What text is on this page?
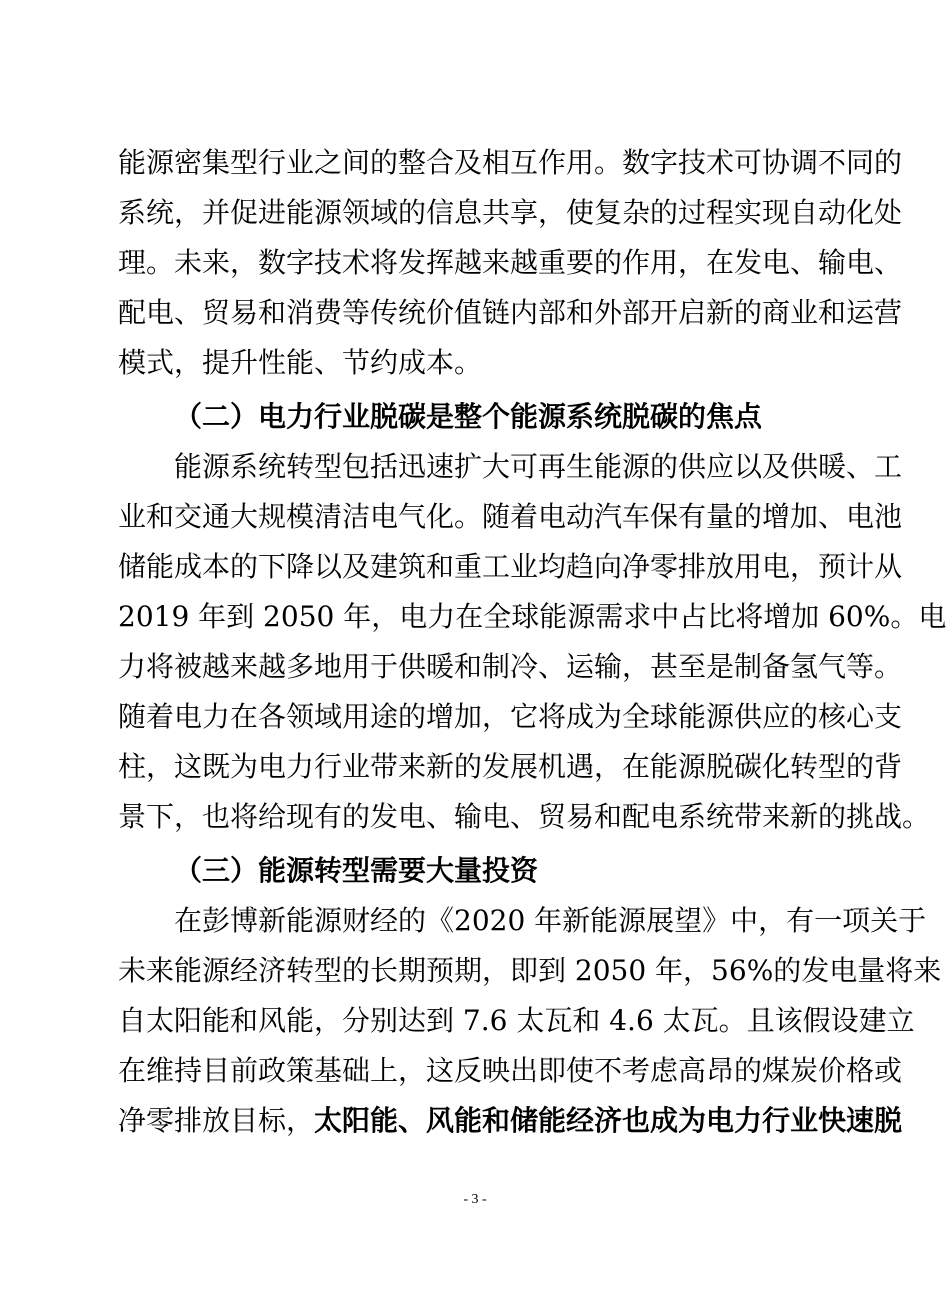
能源密集型行业之间的整合及相互作用。数字技术可协调不同的
系统，并促进能源领域的信息共享，使复杂的过程实现自动化处
理。未来，数字技术将发挥越来越重要的作用，在发电、输电、
配电、贸易和消费等传统价值链内部和外部开启新的商业和运营
模式，提升性能、节约成本。
（二）电力行业脱碳是整个能源系统脱碳的焦点
能源系统转型包括迅速扩大可再生能源的供应以及供暖、工
业和交通大规模清洁电气化。随着电动汽车保有量的增加、电池
储能成本的下降以及建筑和重工业均趋向净零排放用电，预计从
2019 年到 2050 年，电力在全球能源需求中占比将增加 60%。电
力将被越来越多地用于供暖和制冷、运输，甚至是制备氢气等。
随着电力在各领域用途的增加，它将成为全球能源供应的核心支
柱，这既为电力行业带来新的发展机遇，在能源脱碳化转型的背
景下，也将给现有的发电、输电、贸易和配电系统带来新的挑战。
（三）能源转型需要大量投资
在彭博新能源财经的《2020 年新能源展望》中，有一项关于
未来能源经济转型的长期预期，即到 2050 年，56%的发电量将来
自太阳能和风能，分别达到 7.6 太瓦和 4.6 太瓦。且该假设建立
在维持目前政策基础上，这反映出即使不考虑高昂的煤炭价格或
净零排放目标，太阳能、风能和储能经济也成为电力行业快速脱
- 3 -
